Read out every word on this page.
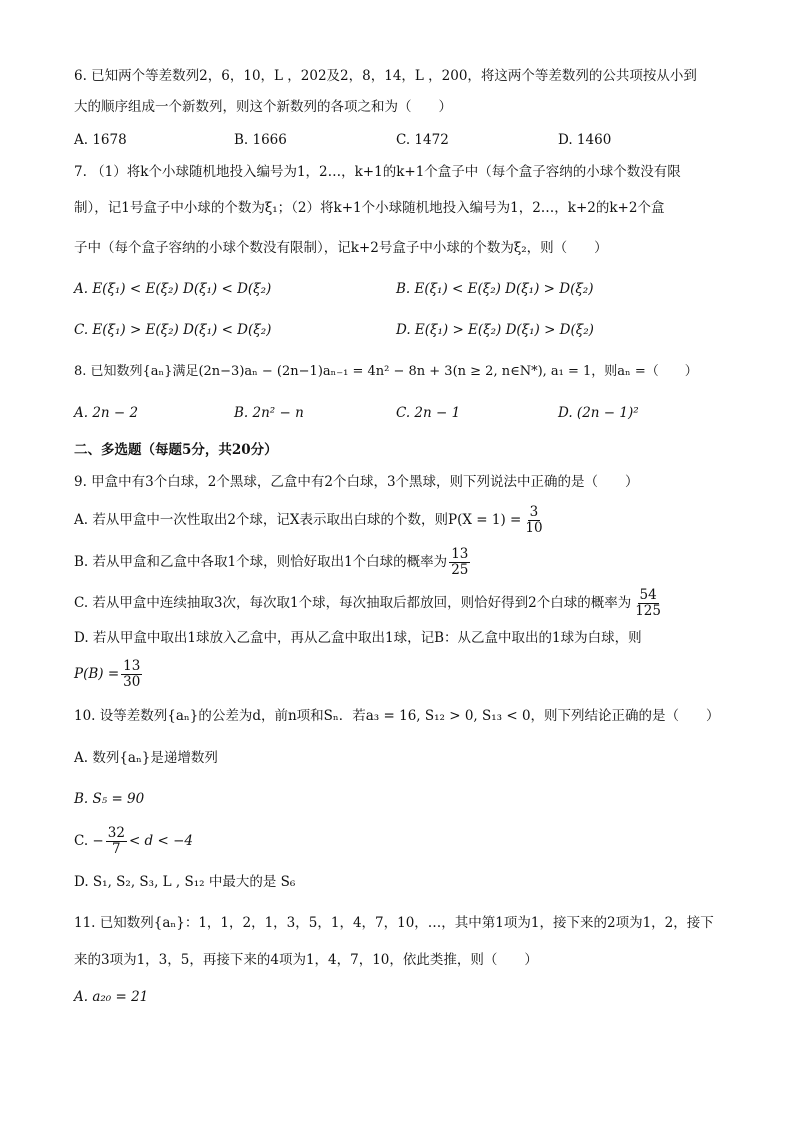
6. 已知两个等差数列2，6，10，L ，202及2，8，14，L ，200，将这两个等差数列的公共项按从小到
大的顺序组成一个新数列，则这个新数列的各项之和为（　　）
A. 1678	B. 1666	C. 1472	D. 1460
7. （1）将k个小球随机地投入编号为1，2…，k+1的k+1个盒子中（每个盒子容纳的小球个数没有限
制），记1号盒子中小球的个数为ξ₁；（2）将k+1个小球随机地投入编号为1，2…，k+2的k+2个盒
子中（每个盒子容纳的小球个数没有限制），记k+2号盒子中小球的个数为ξ₂，则（　　）
A. E(ξ₁) < E(ξ₂) D(ξ₁) < D(ξ₂)	B. E(ξ₁) < E(ξ₂) D(ξ₁) > D(ξ₂)
C. E(ξ₁) > E(ξ₂) D(ξ₁) < D(ξ₂)	D. E(ξ₁) > E(ξ₂) D(ξ₁) > D(ξ₂)
8. 已知数列{aₙ}满足(2n−3)aₙ − (2n−1)aₙ₋₁ = 4n² − 8n + 3(n ≥ 2, n∈N*), a₁ = 1，则aₙ =（　　）
A. 2n − 2	B. 2n² − n	C. 2n − 1	D. (2n − 1)²
二、多选题（每题5分，共20分）
9. 甲盒中有3个白球，2个黑球，乙盒中有2个白球，3个黑球，则下列说法中正确的是（　　）
A. 若从甲盒中一次性取出2个球，记X表示取出白球的个数，则$P(X = 1) = \frac{3}{10}$
B. 若从甲盒和乙盒中各取1个球，则恰好取出1个白球的概率为 $\frac{13}{25}$
C. 若从甲盒中连续抽取3次，每次取1个球，每次抽取后都放回，则恰好得到2个白球的概率为 $\frac{54}{125}$
D. 若从甲盒中取出1球放入乙盒中，再从乙盒中取出1球，记B：从乙盒中取出的1球为白球，则
$P(B) = \frac{13}{30}$
10. 设等差数列{aₙ}的公差为d，前n项和Sₙ．若a₃ = 16, S₁₂ > 0, S₁₃ < 0，则下列结论正确的是（　　）
A. 数列{aₙ}是递增数列
B. S₅ = 90
C. − $\frac{32}{7} < d < -4$
D. S₁, S₂, S₃, L , S₁₂ 中最大的是 S₆
11. 已知数列{aₙ}：1，1，2，1，3，5，1，4，7，10，…，其中第1项为1，接下来的2项为1，2，接下
来的3项为1，3，5，再接下来的4项为1，4，7，10，依此类推，则（　　）
A. a₂₀ = 21
